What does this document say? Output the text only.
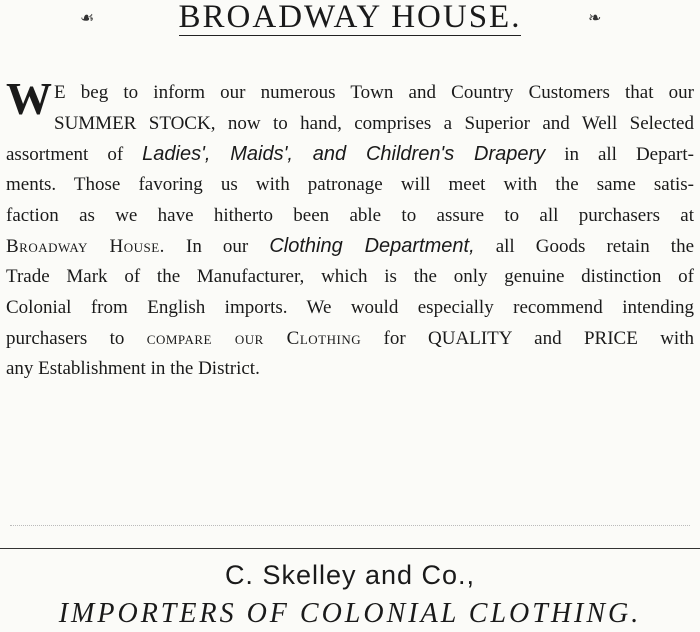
☙	BROADWAY HOUSE.	❧
W E beg to inform our numerous Town and Country Customers that our
SUMMER STOCK, now to hand, comprises a Superior and Well Selected
assortment of Ladies', Maids', and Children's Drapery in all Depart-
ments. Those favoring us with patronage will meet with the same satis-
faction as we have hitherto been able to assure to all purchasers at
Broadway House. In our Clothing Department, all Goods retain the
Trade Mark of the Manufacturer, which is the only genuine distinction of
Colonial from English imports. We would especially recommend intending
purchasers to compare our Clothing for QUALITY and PRICE with
any Establishment in the District.
C. Skelley and Co.,
IMPORTERS OF COLONIAL CLOTHING.
